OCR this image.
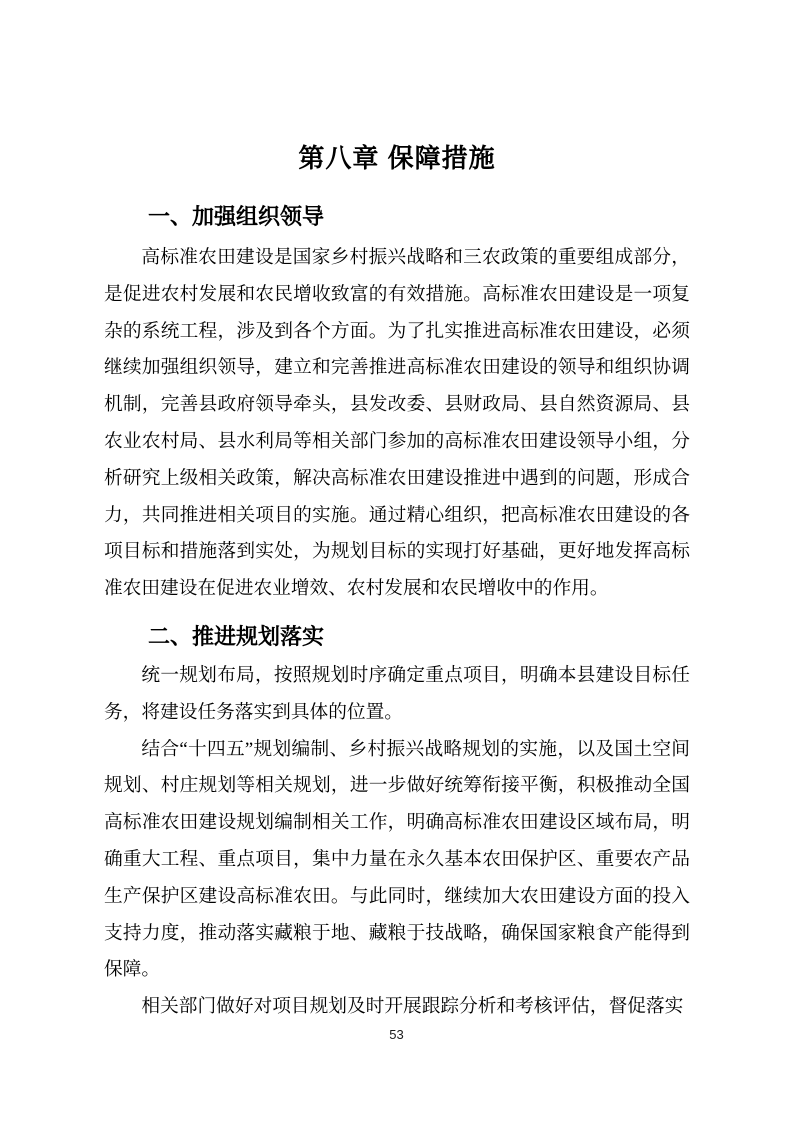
第八章 保障措施
一、加强组织领导

高标准农田建设是国家乡村振兴战略和三农政策的重要组成部分，是促进农村发展和农民增收致富的有效措施。高标准农田建设是一项复杂的系统工程，涉及到各个方面。为了扎实推进高标准农田建设，必须继续加强组织领导，建立和完善推进高标准农田建设的领导和组织协调机制，完善县政府领导牵头，县发改委、县财政局、县自然资源局、县农业农村局、县水利局等相关部门参加的高标准农田建设领导小组，分析研究上级相关政策，解决高标准农田建设推进中遇到的问题，形成合力，共同推进相关项目的实施。通过精心组织，把高标准农田建设的各项目标和措施落到实处，为规划目标的实现打好基础，更好地发挥高标准农田建设在促进农业增效、农村发展和农民增收中的作用。

二、推进规划落实

统一规划布局，按照规划时序确定重点项目，明确本县建设目标任务，将建设任务落实到具体的位置。

结合“十四五”规划编制、乡村振兴战略规划的实施，以及国土空间规划、村庄规划等相关规划，进一步做好统筹衔接平衡，积极推动全国高标准农田建设规划编制相关工作，明确高标准农田建设区域布局，明确重大工程、重点项目，集中力量在永久基本农田保护区、重要农产品生产保护区建设高标准农田。与此同时，继续加大农田建设方面的投入支持力度，推动落实藏粮于地、藏粮于技战略，确保国家粮食产能得到保障。

相关部门做好对项目规划及时开展跟踪分析和考核评估，督促落实

53
